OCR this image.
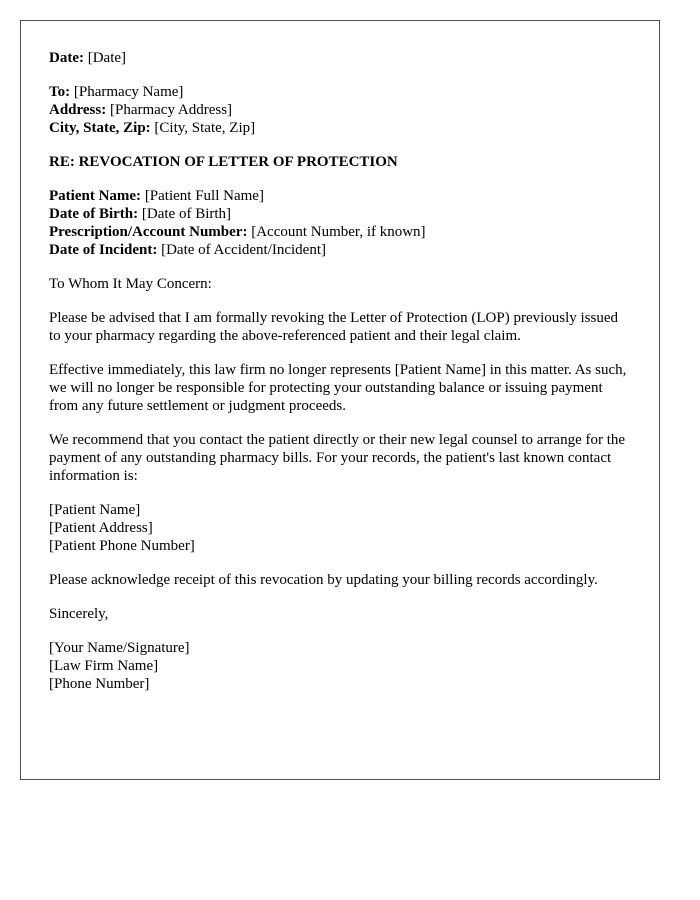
Date: [Date]
To: [Pharmacy Name]
Address: [Pharmacy Address]
City, State, Zip: [City, State, Zip]
RE: REVOCATION OF LETTER OF PROTECTION
Patient Name: [Patient Full Name]
Date of Birth: [Date of Birth]
Prescription/Account Number: [Account Number, if known]
Date of Incident: [Date of Accident/Incident]

To Whom It May Concern:

Please be advised that I am formally revoking the Letter of Protection (LOP) previously issued to your pharmacy regarding the above-referenced patient and their legal claim.

Effective immediately, this law firm no longer represents [Patient Name] in this matter. As such, we will no longer be responsible for protecting your outstanding balance or issuing payment from any future settlement or judgment proceeds.

We recommend that you contact the patient directly or their new legal counsel to arrange for the payment of any outstanding pharmacy bills. For your records, the patient's last known contact information is:

[Patient Name]
[Patient Address]
[Patient Phone Number]

Please acknowledge receipt of this revocation by updating your billing records accordingly.

Sincerely,

[Your Name/Signature]
[Law Firm Name]
[Phone Number]
